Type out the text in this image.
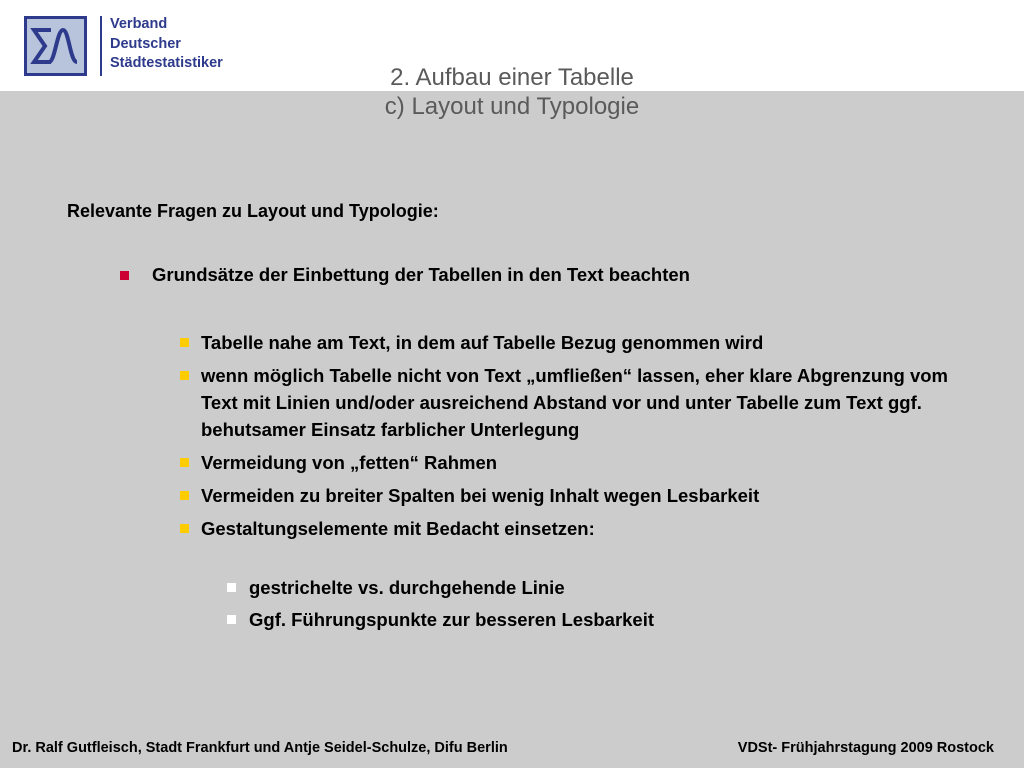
Verband
Deutscher
Städtestatistiker

2. Aufbau einer Tabelle
c) Layout und Typologie
Relevante Fragen zu Layout und Typologie:
Grundsätze der Einbettung der Tabellen in den Text beachten
Tabelle nahe am Text, in dem auf Tabelle Bezug genommen wird
wenn möglich Tabelle nicht von Text „umfließen“ lassen, eher klare Abgrenzung vom Text mit Linien und/oder ausreichend Abstand vor und unter Tabelle zum Text ggf. behutsamer Einsatz farblicher Unterlegung
Vermeidung von „fetten“ Rahmen
Vermeiden zu breiter Spalten bei wenig Inhalt wegen Lesbarkeit
Gestaltungselemente mit Bedacht einsetzen:
gestrichelte vs. durchgehende Linie
Ggf. Führungspunkte zur besseren Lesbarkeit
Dr. Ralf Gutfleisch, Stadt Frankfurt und Antje Seidel-Schulze, Difu Berlin	VDSt- Frühjahrstagung 2009 Rostock
